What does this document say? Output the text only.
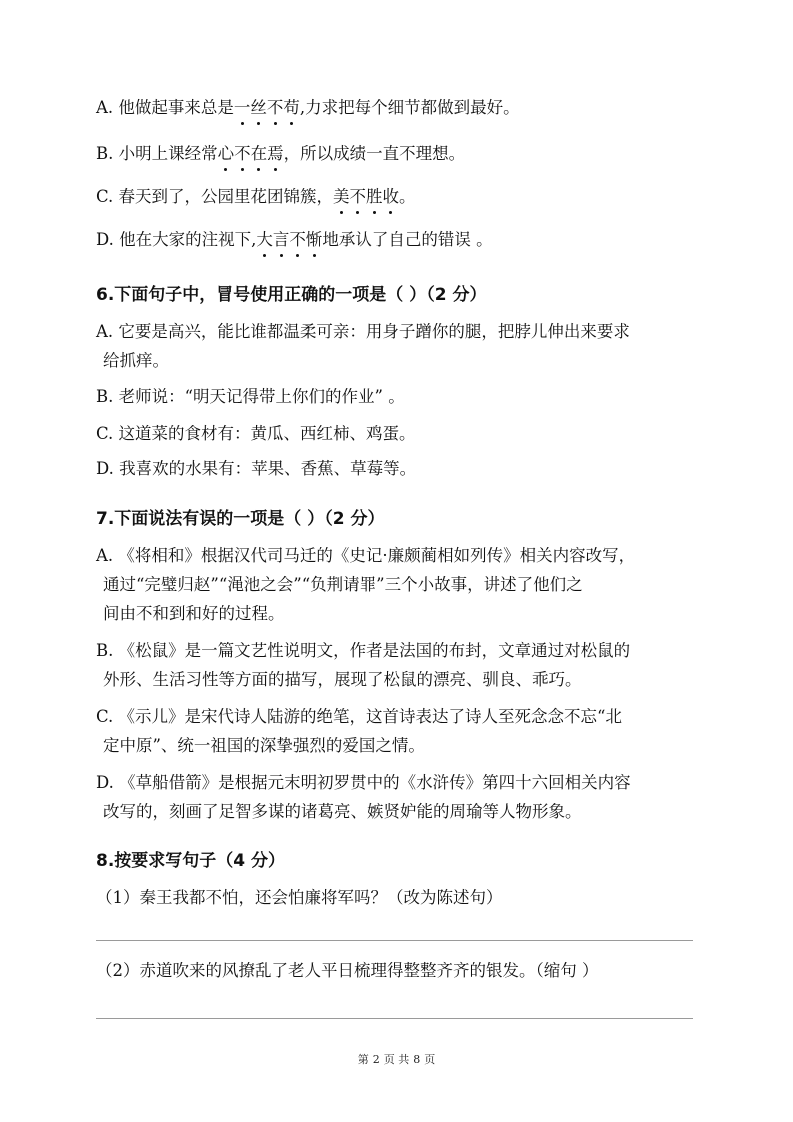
A. 他做起事来总是一丝不苟,力求把每个细节都做到最好。
B. 小明上课经常心不在焉，所以成绩一直不理想。
C. 春天到了，公园里花团锦簇，美不胜收。
D. 他在大家的注视下,大言不惭地承认了自己的错误 。
6.下面句子中，冒号使用正确的一项是（ ）（2 分）
A. 它要是高兴，能比谁都温柔可亲：用身子蹭你的腿，把脖儿伸出来要求
给抓痒。
B. 老师说：“明天记得带上你们的作业” 。
C. 这道菜的食材有：黄瓜、西红柿、鸡蛋。
D. 我喜欢的水果有：苹果、香蕉、草莓等。
7.下面说法有误的一项是（ ）（2 分）
A. 《将相和》根据汉代司马迁的《史记·廉颇蔺相如列传》相关内容改写，
通过“完璧归赵”“渑池之会”“负荆请罪”三个小故事，讲述了他们之
间由不和到和好的过程。
B. 《松鼠》是一篇文艺性说明文，作者是法国的布封，文章通过对松鼠的
外形、生活习性等方面的描写，展现了松鼠的漂亮、驯良、乖巧。
C. 《示儿》是宋代诗人陆游的绝笔，这首诗表达了诗人至死念念不忘“北
定中原”、统一祖国的深挚强烈的爱国之情。
D. 《草船借箭》是根据元末明初罗贯中的《水浒传》第四十六回相关内容
改写的，刻画了足智多谋的诸葛亮、嫉贤妒能的周瑜等人物形象。
8.按要求写句子（4 分）
（1）秦王我都不怕，还会怕廉将军吗？（改为陈述句）
（2）赤道吹来的风撩乱了老人平日梳理得整整齐齐的银发。（缩句 ）
第 2 页 共 8 页
